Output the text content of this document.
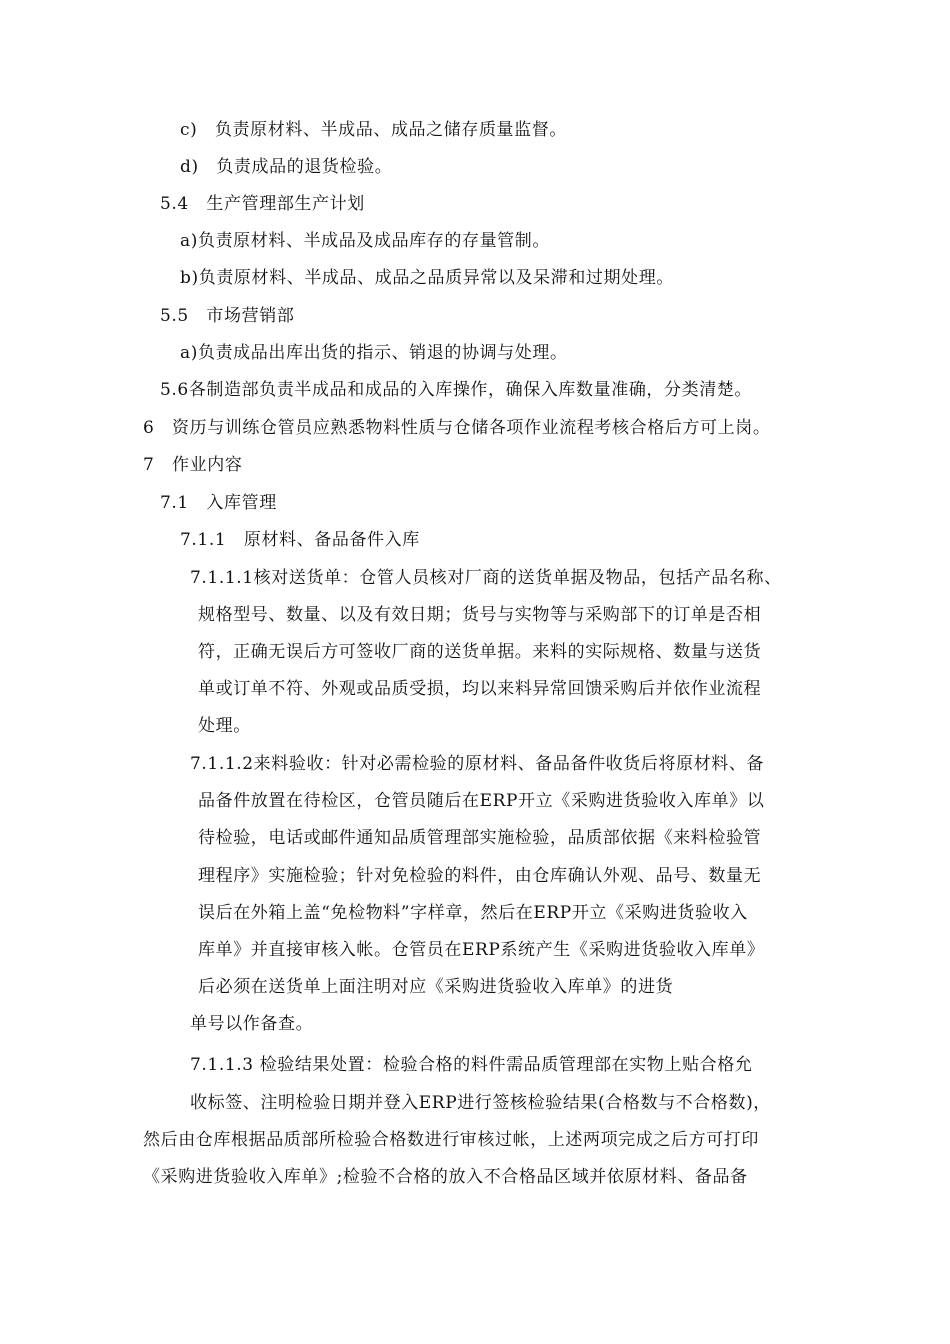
c)　负责原材料、半成品、成品之储存质量监督。
d)　负责成品的退货检验。
5.4　生产管理部生产计划
a)负责原材料、半成品及成品库存的存量管制。
b)负责原材料、半成品、成品之品质异常以及呆滞和过期处理。
5.5　市场营销部
a)负责成品出库出货的指示、销退的协调与处理。
5.6各制造部负责半成品和成品的入库操作，确保入库数量准确，分类清楚。
6　资历与训练仓管员应熟悉物料性质与仓储各项作业流程考核合格后方可上岗。
7　作业内容
7.1　入库管理
7.1.1　原材料、备品备件入库
7.1.1.1核对送货单：仓管人员核对厂商的送货单据及物品，包括产品名称、
规格型号、数量、以及有效日期；货号与实物等与采购部下的订单是否相
符，正确无误后方可签收厂商的送货单据。来料的实际规格、数量与送货
单或订单不符、外观或品质受损，均以来料异常回馈采购后并依作业流程
处理。
7.1.1.2来料验收：针对必需检验的原材料、备品备件收货后将原材料、备
品备件放置在待检区，仓管员随后在ERP开立《采购进货验收入库单》以
待检验，电话或邮件通知品质管理部实施检验，品质部依据《来料检验管
理程序》实施检验；针对免检验的料件，由仓库确认外观、品号、数量无
误后在外箱上盖“免检物料”字样章，然后在ERP开立《采购进货验收入
库单》并直接审核入帐。仓管员在ERP系统产生《采购进货验收入库单》
后必须在送货单上面注明对应《采购进货验收入库单》的进货
单号以作备查。
7.1.1.3 检验结果处置：检验合格的料件需品质管理部在实物上贴合格允
收标签、注明检验日期并登入ERP进行签核检验结果(合格数与不合格数)，
然后由仓库根据品质部所检验合格数进行审核过帐，上述两项完成之后方可打印
《采购进货验收入库单》;检验不合格的放入不合格品区域并依原材料、备品备
